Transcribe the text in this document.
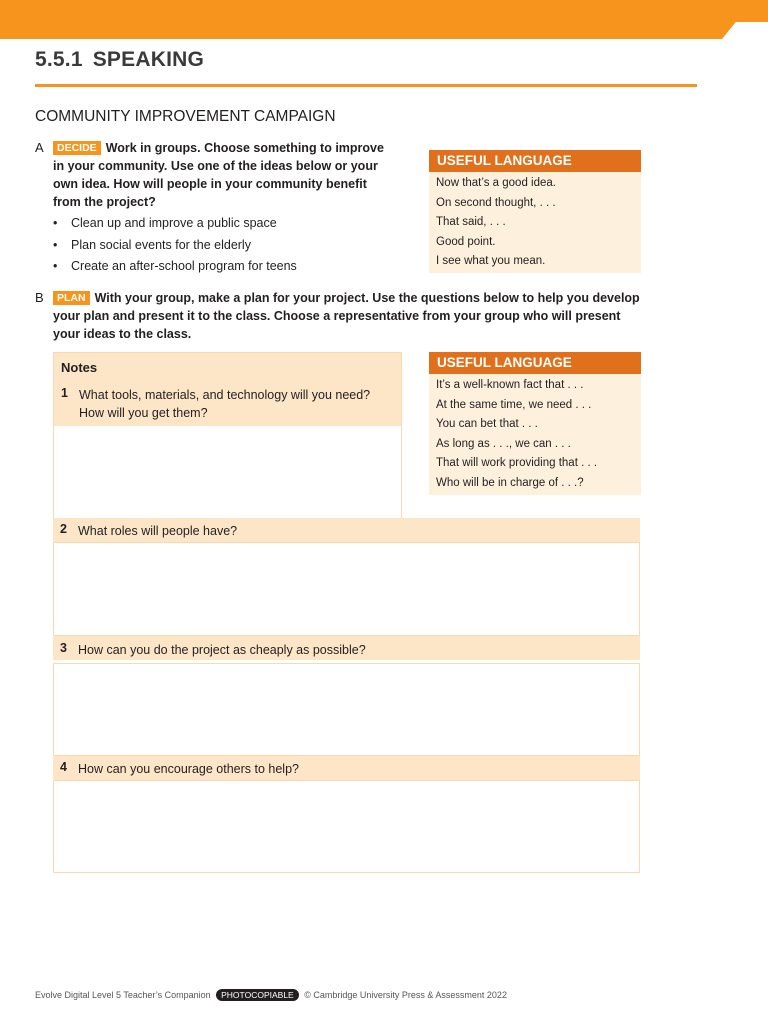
5.5.1 SPEAKING
COMMUNITY IMPROVEMENT CAMPAIGN
A	DECIDE Work in groups. Choose something to improve in your community. Use one of the ideas below or your own idea. How will people in your community benefit from the project?
• Clean up and improve a public space
• Plan social events for the elderly
• Create an after-school program for teens
USEFUL LANGUAGE
Now that’s a good idea.
On second thought, . . .
That said, . . .
Good point.
I see what you mean.
B	PLAN With your group, make a plan for your project. Use the questions below to help you develop your plan and present it to the class. Choose a representative from your group who will present your ideas to the class.
Notes
1 What tools, materials, and technology will you need? How will you get them?
USEFUL LANGUAGE
It’s a well-known fact that . . .
At the same time, we need . . .
You can bet that . . .
As long as . . ., we can . . .
That will work providing that . . .
Who will be in charge of . . .?
2 What roles will people have?
3 How can you do the project as cheaply as possible?
4 How can you encourage others to help?
Evolve Digital Level 5 Teacher’s Companion PHOTOCOPIABLE © Cambridge University Press & Assessment 2022
